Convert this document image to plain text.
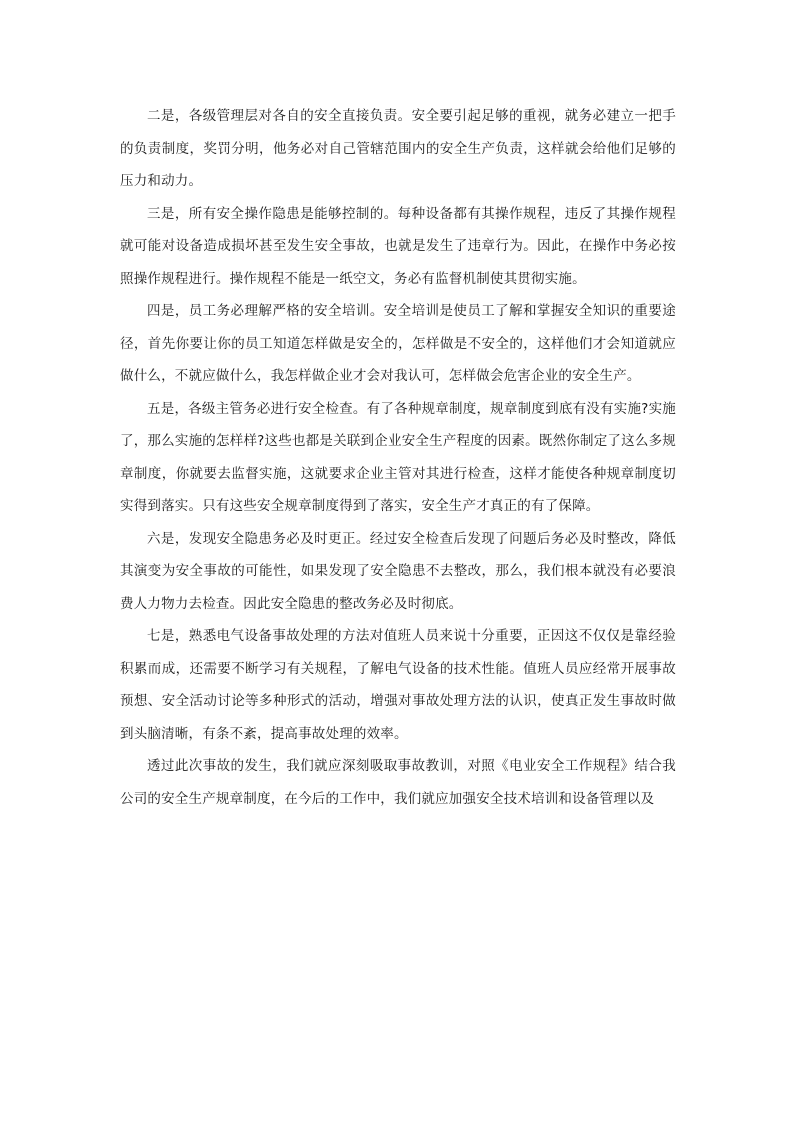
二是，各级管理层对各自的安全直接负责。安全要引起足够的重视，就务必建立一把手的负责制度，奖罚分明，他务必对自己管辖范围内的安全生产负责，这样就会给他们足够的压力和动力。

三是，所有安全操作隐患是能够控制的。每种设备都有其操作规程，违反了其操作规程就可能对设备造成损坏甚至发生安全事故，也就是发生了违章行为。因此，在操作中务必按照操作规程进行。操作规程不能是一纸空文，务必有监督机制使其贯彻实施。

四是，员工务必理解严格的安全培训。安全培训是使员工了解和掌握安全知识的重要途径，首先你要让你的员工知道怎样做是安全的，怎样做是不安全的，这样他们才会知道就应做什么，不就应做什么，我怎样做企业才会对我认可，怎样做会危害企业的安全生产。

五是，各级主管务必进行安全检查。有了各种规章制度，规章制度到底有没有实施?实施了，那么实施的怎样样?这些也都是关联到企业安全生产程度的因素。既然你制定了这么多规章制度，你就要去监督实施，这就要求企业主管对其进行检查，这样才能使各种规章制度切实得到落实。只有这些安全规章制度得到了落实，安全生产才真正的有了保障。

六是，发现安全隐患务必及时更正。经过安全检查后发现了问题后务必及时整改，降低其演变为安全事故的可能性，如果发现了安全隐患不去整改，那么，我们根本就没有必要浪费人力物力去检查。因此安全隐患的整改务必及时彻底。

七是，熟悉电气设备事故处理的方法对值班人员来说十分重要，正因这不仅仅是靠经验积累而成，还需要不断学习有关规程，了解电气设备的技术性能。值班人员应经常开展事故预想、安全活动讨论等多种形式的活动，增强对事故处理方法的认识，使真正发生事故时做到头脑清晰，有条不紊，提高事故处理的效率。

透过此次事故的发生，我们就应深刻吸取事故教训，对照《电业安全工作规程》结合我公司的安全生产规章制度，在今后的工作中，我们就应加强安全技术培训和设备管理以及
